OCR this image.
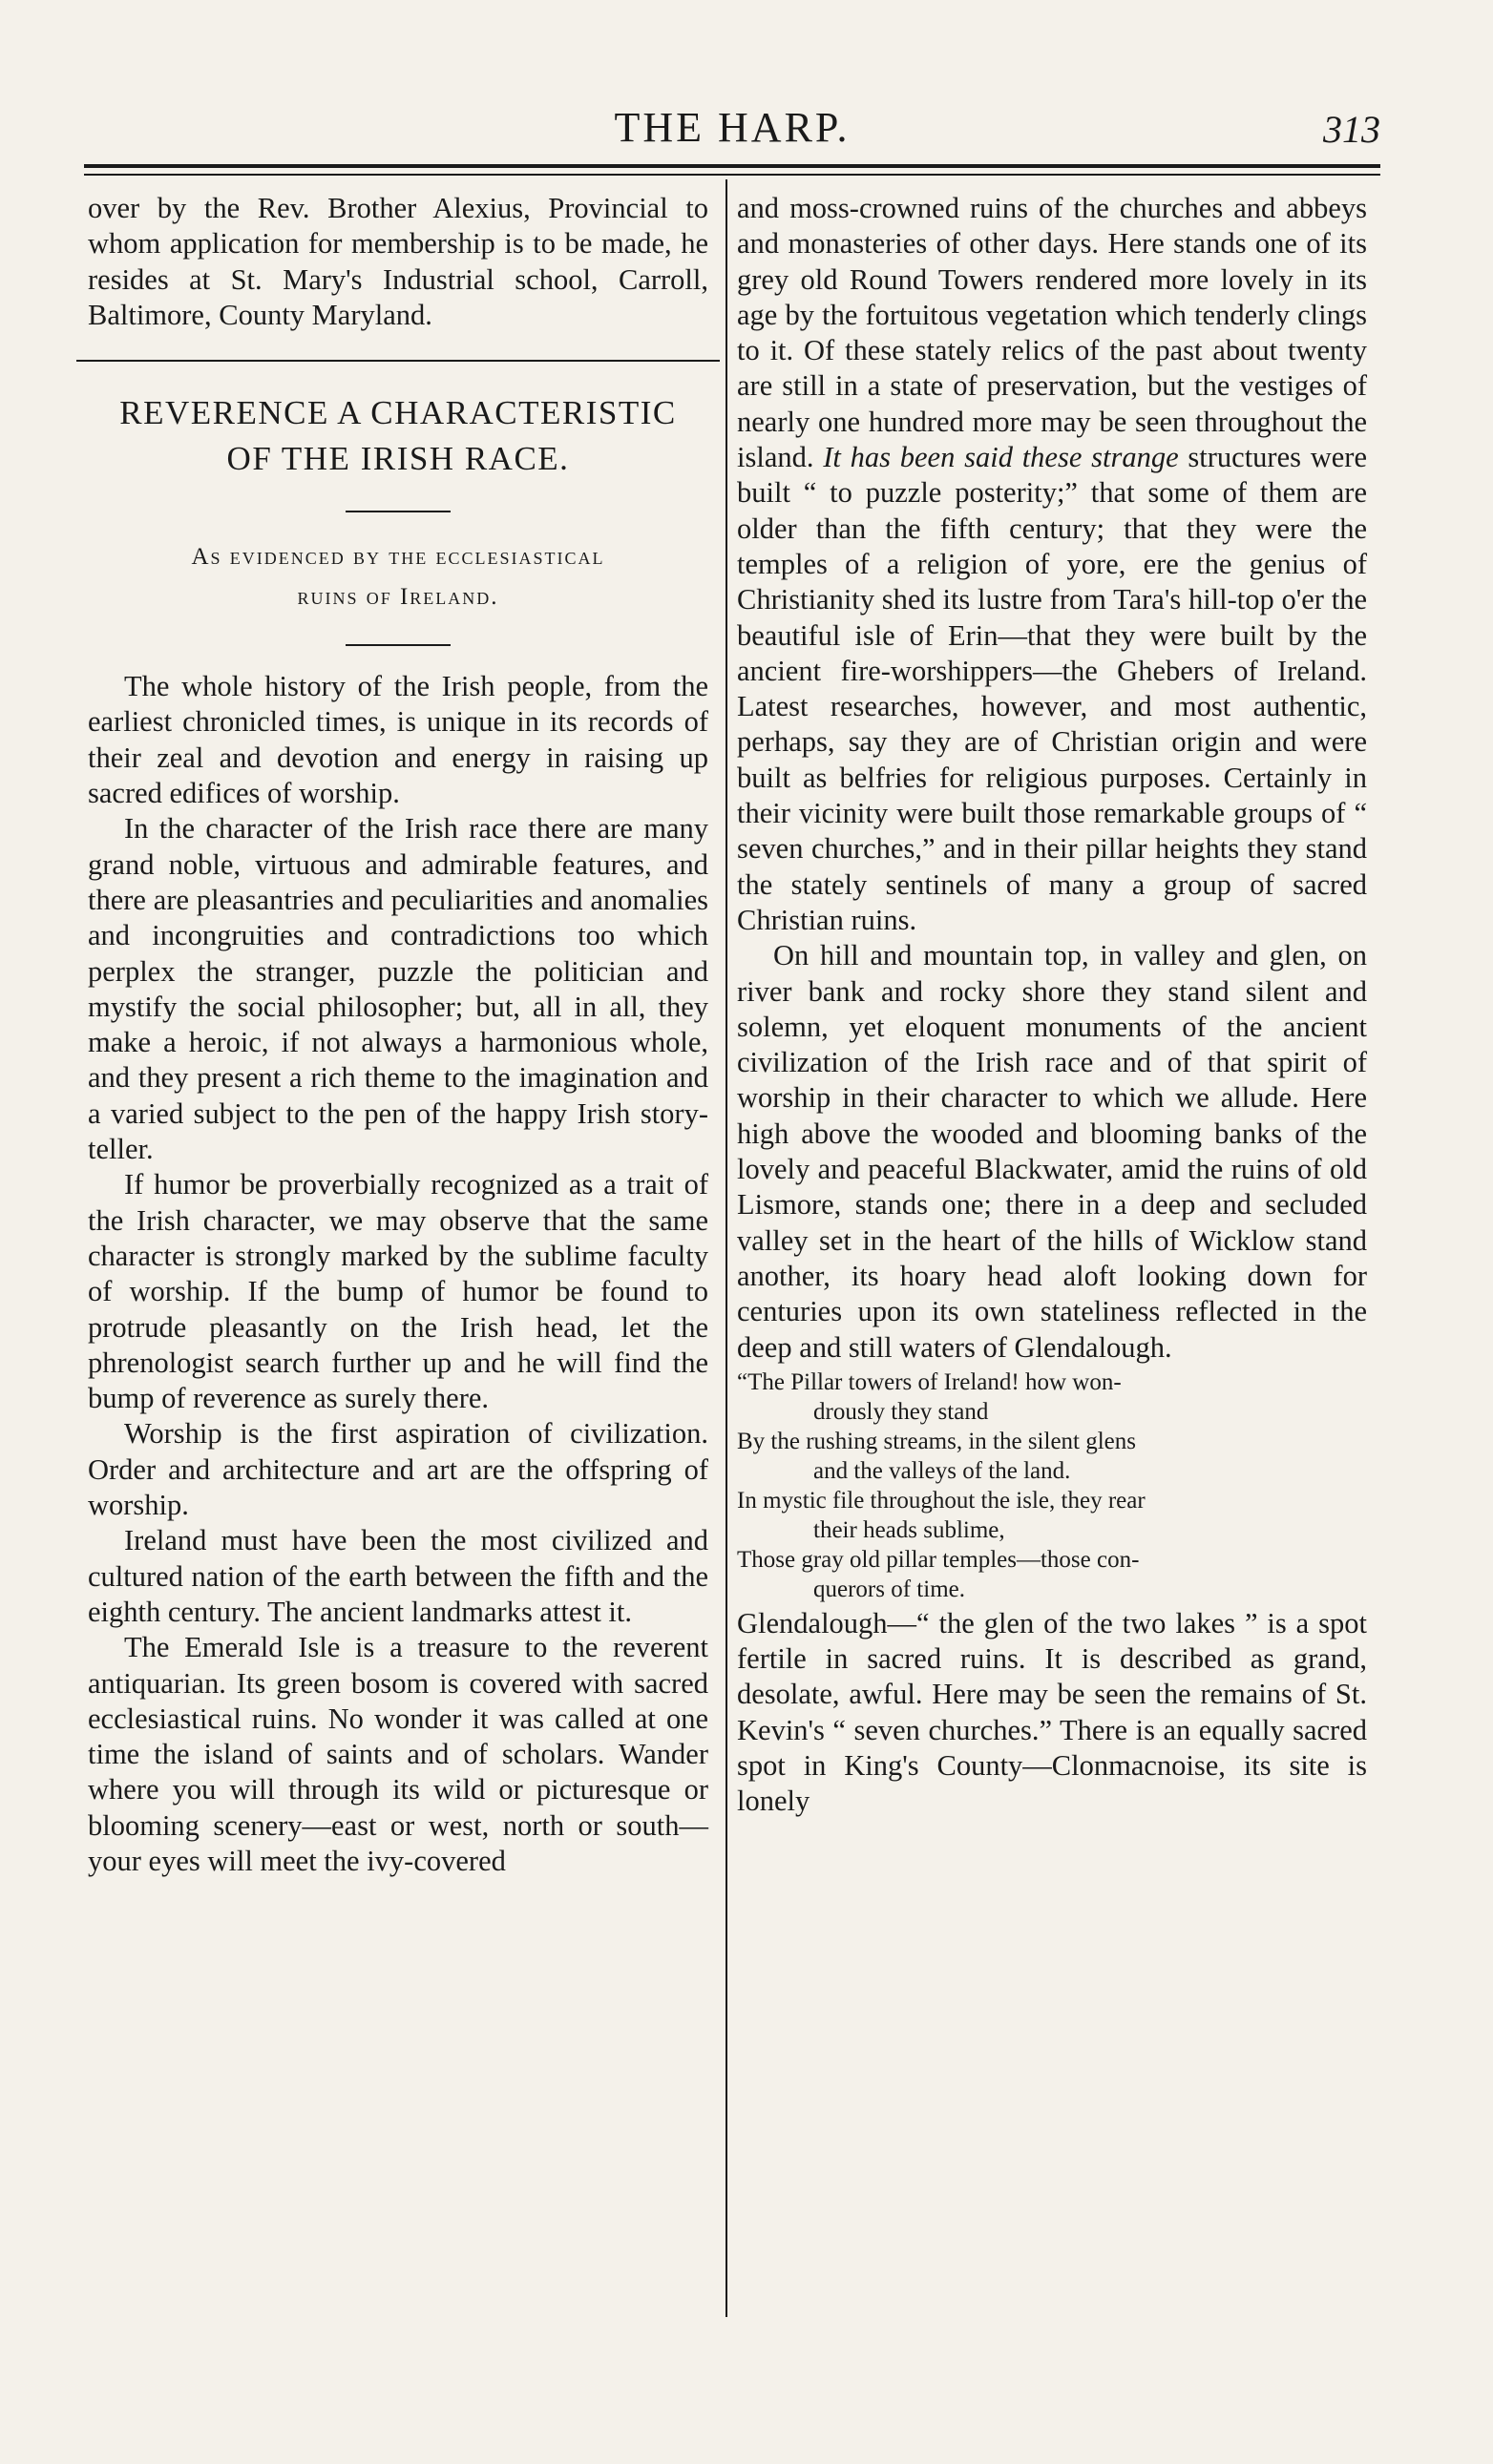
THE HARP.	313

over by the Rev. Brother Alexius, Provincial to whom application for membership is to be made, he resides at St. Mary's Industrial school, Carroll, Baltimore, County Maryland.

REVERENCE A CHARACTERISTIC
OF THE IRISH RACE.

As evidenced by the ecclesiastical
ruins of Ireland.

The whole history of the Irish people, from the earliest chronicled times, is unique in its records of their zeal and devotion and energy in raising up sacred edifices of worship.

In the character of the Irish race there are many grand noble, virtuous and admirable features, and there are pleasantries and peculiarities and anomalies and incongruities and contradictions too which perplex the stranger, puzzle the politician and mystify the social philosopher; but, all in all, they make a heroic, if not always a harmonious whole, and they present a rich theme to the imagination and a varied subject to the pen of the happy Irish story-teller.

If humor be proverbially recognized as a trait of the Irish character, we may observe that the same character is strongly marked by the sublime faculty of worship. If the bump of humor be found to protrude pleasantly on the Irish head, let the phrenologist search further up and he will find the bump of reverence as surely there.

Worship is the first aspiration of civilization. Order and architecture and art are the offspring of worship.

Ireland must have been the most civilized and cultured nation of the earth between the fifth and the eighth century. The ancient landmarks attest it.

The Emerald Isle is a treasure to the reverent antiquarian. Its green bosom is covered with sacred ecclesiastical ruins. No wonder it was called at one time the island of saints and of scholars. Wander where you will through its wild or picturesque or blooming scenery—east or west, north or south—your eyes will meet the ivy-covered

and moss-crowned ruins of the churches and abbeys and monasteries of other days. Here stands one of its grey old Round Towers rendered more lovely in its age by the fortuitous vegetation which tenderly clings to it. Of these stately relics of the past about twenty are still in a state of preservation, but the vestiges of nearly one hundred more may be seen throughout the island. It has been said these strange structures were built “ to puzzle posterity;” that some of them are older than the fifth century; that they were the temples of a religion of yore, ere the genius of Christianity shed its lustre from Tara's hill-top o'er the beautiful isle of Erin—that they were built by the ancient fire-worshippers—the Ghebers of Ireland. Latest researches, however, and most authentic, perhaps, say they are of Christian origin and were built as belfries for religious purposes. Certainly in their vicinity were built those remarkable groups of “ seven churches,” and in their pillar heights they stand the stately sentinels of many a group of sacred Christian ruins.

On hill and mountain top, in valley and glen, on river bank and rocky shore they stand silent and solemn, yet eloquent monuments of the ancient civilization of the Irish race and of that spirit of worship in their character to which we allude. Here high above the wooded and blooming banks of the lovely and peaceful Blackwater, amid the ruins of old Lismore, stands one; there in a deep and secluded valley set in the heart of the hills of Wicklow stand another, its hoary head aloft looking down for centuries upon its own stateliness reflected in the deep and still waters of Glendalough.

“The Pillar towers of Ireland! how won-
drously they stand
By the rushing streams, in the silent glens
and the valleys of the land.
In mystic file throughout the isle, they rear
their heads sublime,
Those gray old pillar temples—those con-
querors of time.

Glendalough—“ the glen of the two lakes ” is a spot fertile in sacred ruins. It is described as grand, desolate, awful. Here may be seen the remains of St. Kevin's “ seven churches.” There is an equally sacred spot in King's County—Clonmacnoise, its site is lonely
